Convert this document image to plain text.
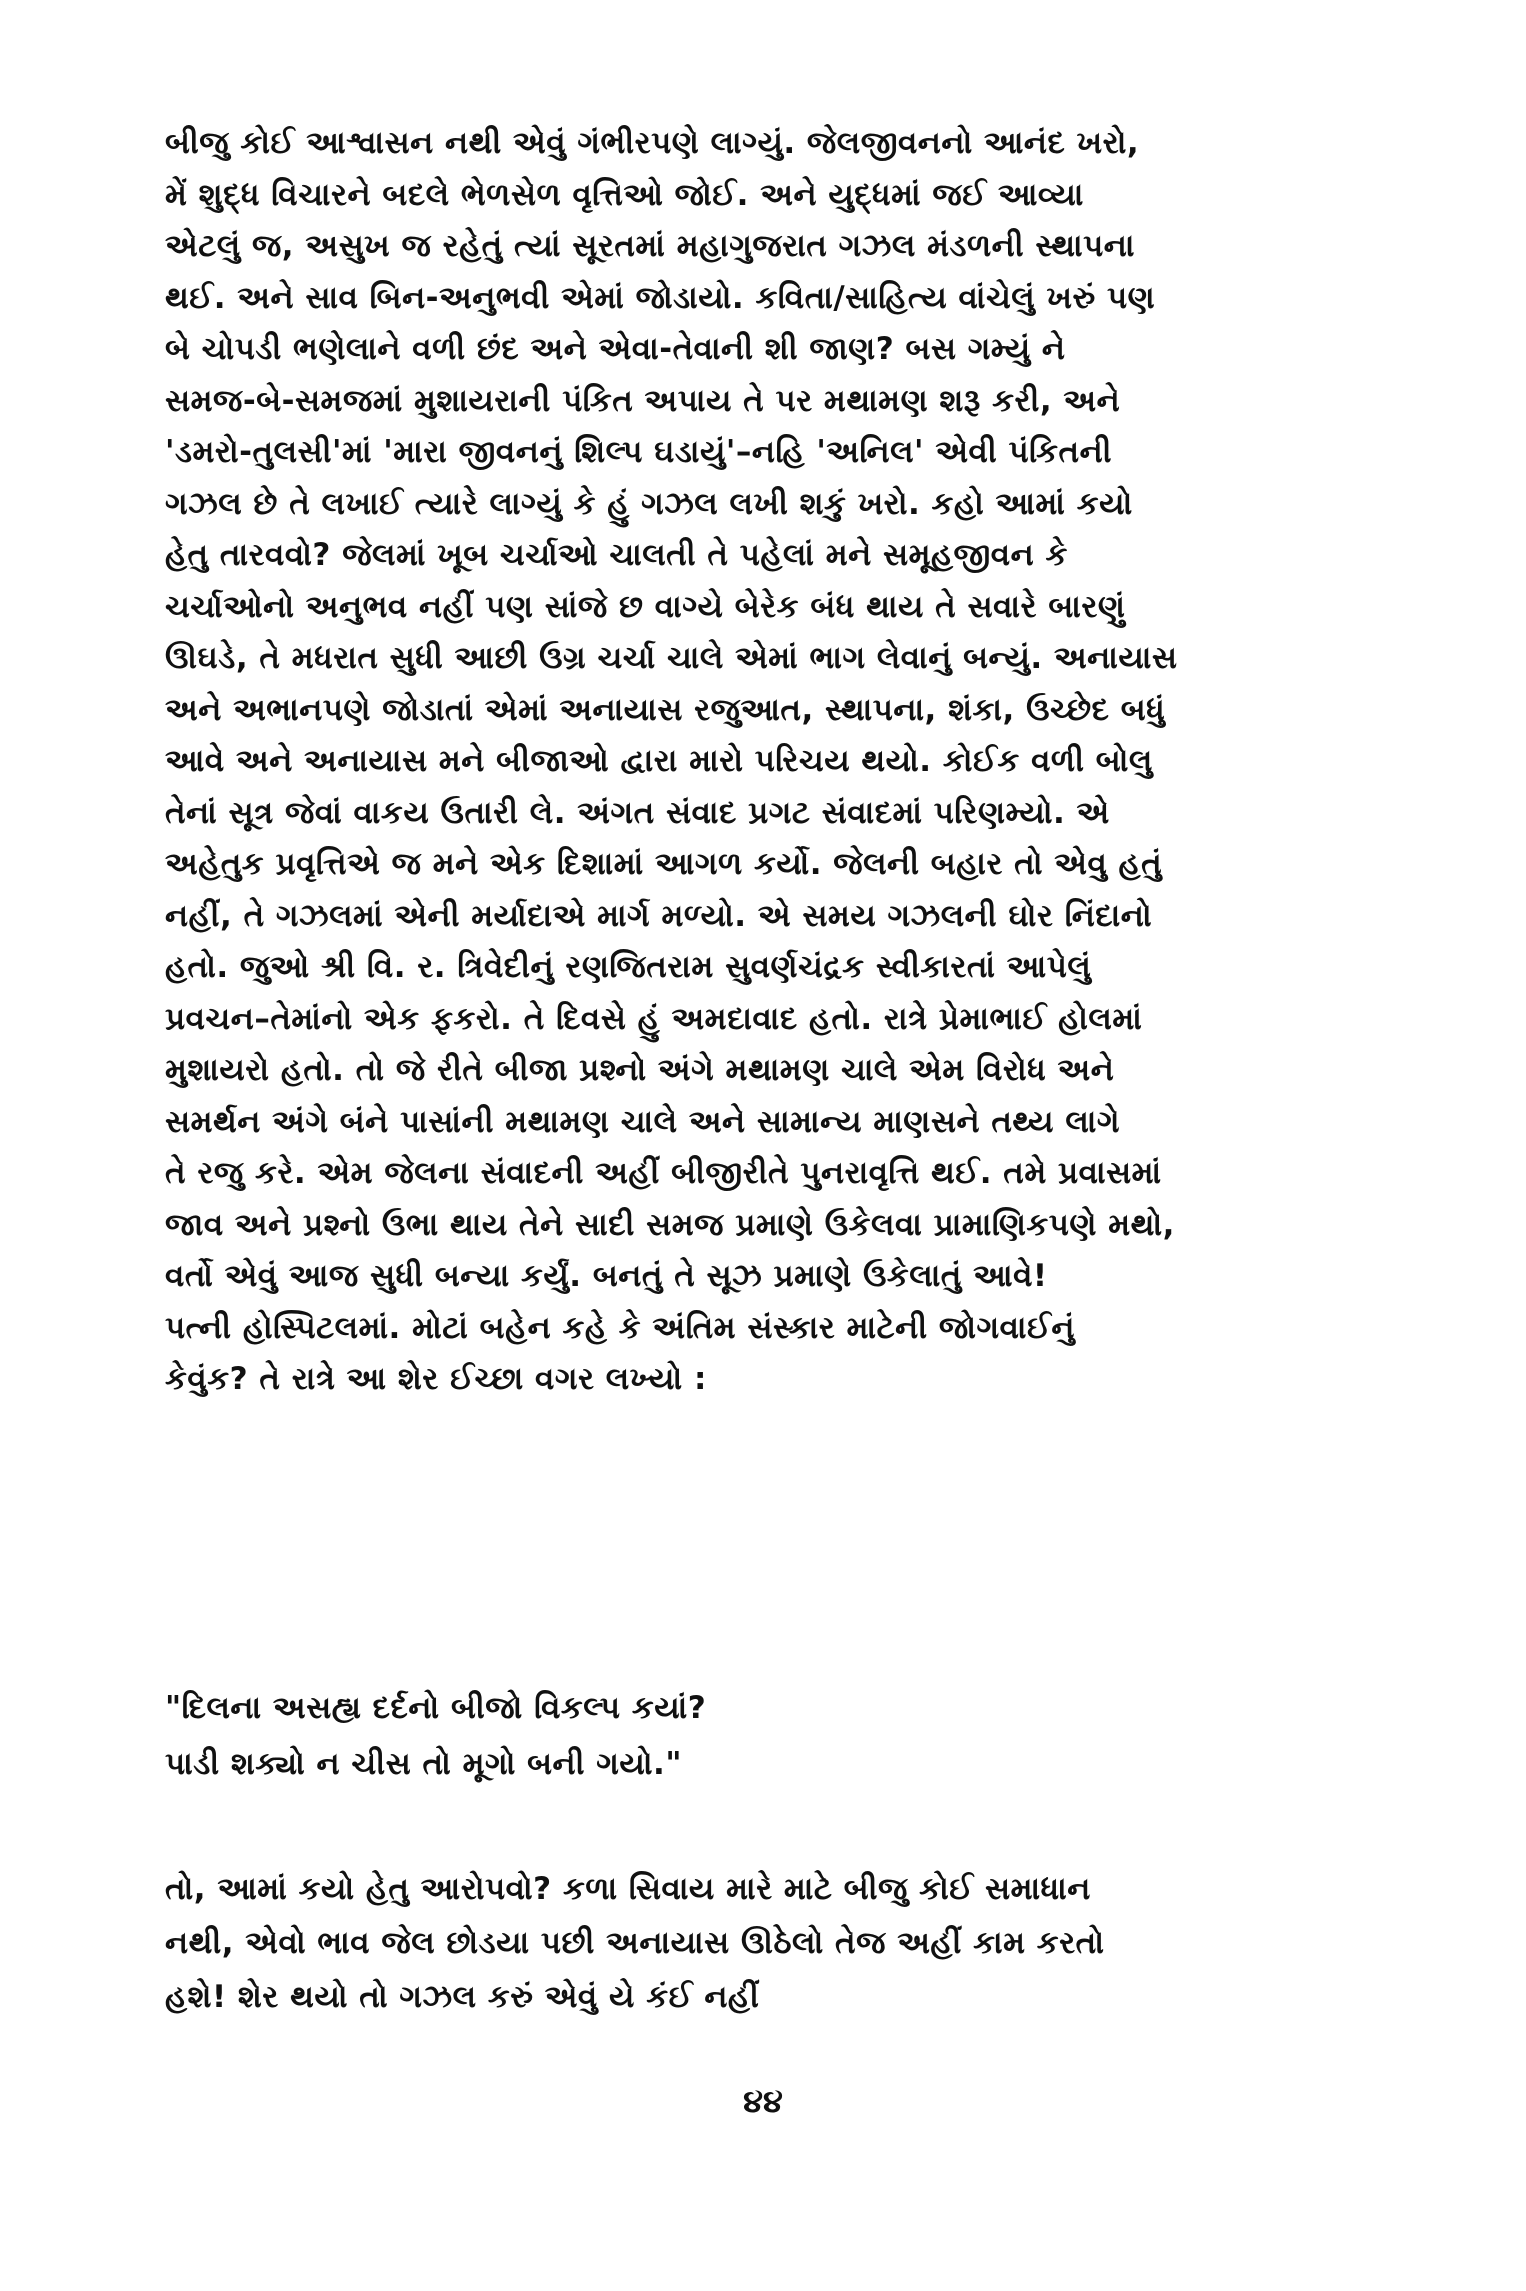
બીજુ કોઈ આશ્વાસન નથી એવું ગંભીરપણે લાગ્યું. જેલજીવનનો આનંદ ખરો,
મેં શુદ્ધ વિચારને બદલે ભેળસેળ વૃત્તિઓ જોઈ. અને યુદ્ધમાં જઈ આવ્યા
એટલું જ, અસુખ જ રહેતું ત્યાં સૂરતમાં મહાગુજરાત ગઝલ મંડળની સ્થાપના
થઈ. અને સાવ બિન-અનુભવી એમાં જોડાયો. કવિતા/સાહિત્ય વાંચેલું ખરું પણ
બે ચોપડી ભણેલાને વળી છંદ અને એવા-તેવાની શી જાણ? બસ ગમ્યું ને
સમજ-બે-સમજમાં મુશાયરાની પંકિત અપાય તે પર મથામણ શરૂ કરી, અને
'ડમરો-તુલસી'માં 'મારા જીવનનું શિલ્પ ઘડાયું'–નહિ 'અનિલ' એવી પંકિતની
ગઝલ છે તે લખાઈ ત્યારે લાગ્યું કે હું ગઝલ લખી શકું ખરો. કહો આમાં કયો
હેતુ તારવવો? જેલમાં ખૂબ ચર્ચાઓ ચાલતી તે પહેલાં મને સમૂહજીવન કે
ચર્ચાઓનો અનુભવ નહીં પણ સાંજે છ વાગ્યે બેરેક બંધ થાય તે સવારે બારણું
ઊઘડે, તે મધરાત સુધી આછી ઉગ્ર ચર્ચા ચાલે એમાં ભાગ લેવાનું બન્યું. અનાયાસ
અને અભાનપણે જોડાતાં એમાં અનાયાસ રજુઆત, સ્થાપના, શંકા, ઉચ્છેદ બધું
આવે અને અનાયાસ મને બીજાઓ દ્વારા મારો પરિચય થયો. કોઈક વળી બોલુ
તેનાં સૂત્ર જેવાં વાકય ઉતારી લે. અંગત સંવાદ પ્રગટ સંવાદમાં પરિણમ્યો. એ
અહેતુક પ્રવૃત્તિએ જ મને એક દિશામાં આગળ કર્યો. જેલની બહાર તો એવુ હતું
નહીં, તે ગઝલમાં એની મર્યાદાએ માર્ગ મળ્યો. એ સમય ગઝલની ઘોર નિંદાનો
હતો. જુઓ શ્રી વિ. ર. ત્રિવેદીનું રણજિતરામ સુવર્ણચંદ્રક સ્વીકારતાં આપેલું
પ્રવચન–તેમાંનો એક ફકરો. તે દિવસે હું અમદાવાદ હતો. રાત્રે પ્રેમાભાઈ હોલમાં
મુશાયરો હતો. તો જે રીતે બીજા પ્રશ્નો અંગે મથામણ ચાલે એમ વિરોધ અને
સમર્થન અંગે બંને પાસાંની મથામણ ચાલે અને સામાન્ય માણસને તથ્ય લાગે
તે રજુ કરે. એમ જેલના સંવાદની અહીં બીજીરીતે પુનરાવૃત્તિ થઈ. તમે પ્રવાસમાં
જાવ અને પ્રશ્નો ઉભા થાય તેને સાદી સમજ પ્રમાણે ઉકેલવા પ્રામાણિકપણે મથો,
વર્તો એવું આજ સુધી બન્યા કર્યું. બનતું તે સૂઝ પ્રમાણે ઉકેલાતું આવે!
પત્ની હોસ્પિટલમાં. મોટાં બહેન કહે કે અંતિમ સંસ્કાર માટેની જોગવાઈનું
કેવુંક? તે રાત્રે આ શેર ઈચ્છા વગર લખ્યો :
"દિલના અસહ્ય દર્દનો બીજો વિકલ્પ કયાં?
પાડી શક્યો ન ચીસ તો મૂગો બની ગયો."
તો, આમાં કયો હેતુ આરોપવો? કળા સિવાય મારે માટે બીજુ કોઈ સમાધાન
નથી, એવો ભાવ જેલ છોડયા પછી અનાયાસ ઊઠેલો તેજ અહીં કામ કરતો
હશે! શેર થયો તો ગઝલ કરું એવું યે કંઈ નહીં
૪૪
